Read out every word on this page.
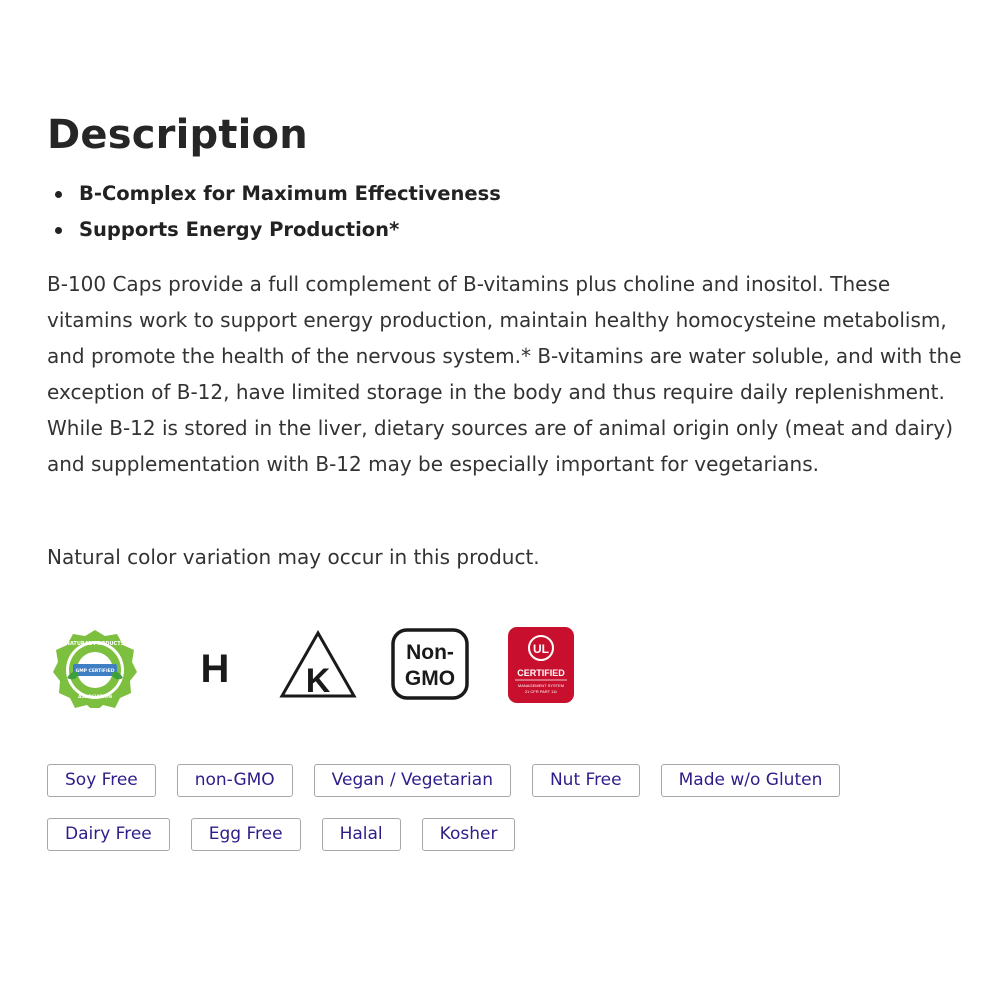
Description
B-Complex for Maximum Effectiveness
Supports Energy Production*

B-100 Caps provide a full complement of B-vitamins plus choline and inositol. These vitamins work to support energy production, maintain healthy homocysteine metabolism, and promote the health of the nervous system.* B-vitamins are water soluble, and with the exception of B-12, have limited storage in the body and thus require daily replenishment. While B-12 is stored in the liver, dietary sources are of animal origin only (meat and dairy) and supplementation with B-12 may be especially important for vegetarians.

Natural color variation may occur in this product.

NATURAL PRODUCTS
GMP CERTIFIED
ASSOCIATION
H K
Non-
GMO
UL
CERTIFIED
MANAGEMENT SYSTEM
21 CFR PART 111
Soy Free	non-GMO	Vegan / Vegetarian	Nut Free	Made w/o Gluten
Dairy Free	Egg Free	Halal	Kosher
